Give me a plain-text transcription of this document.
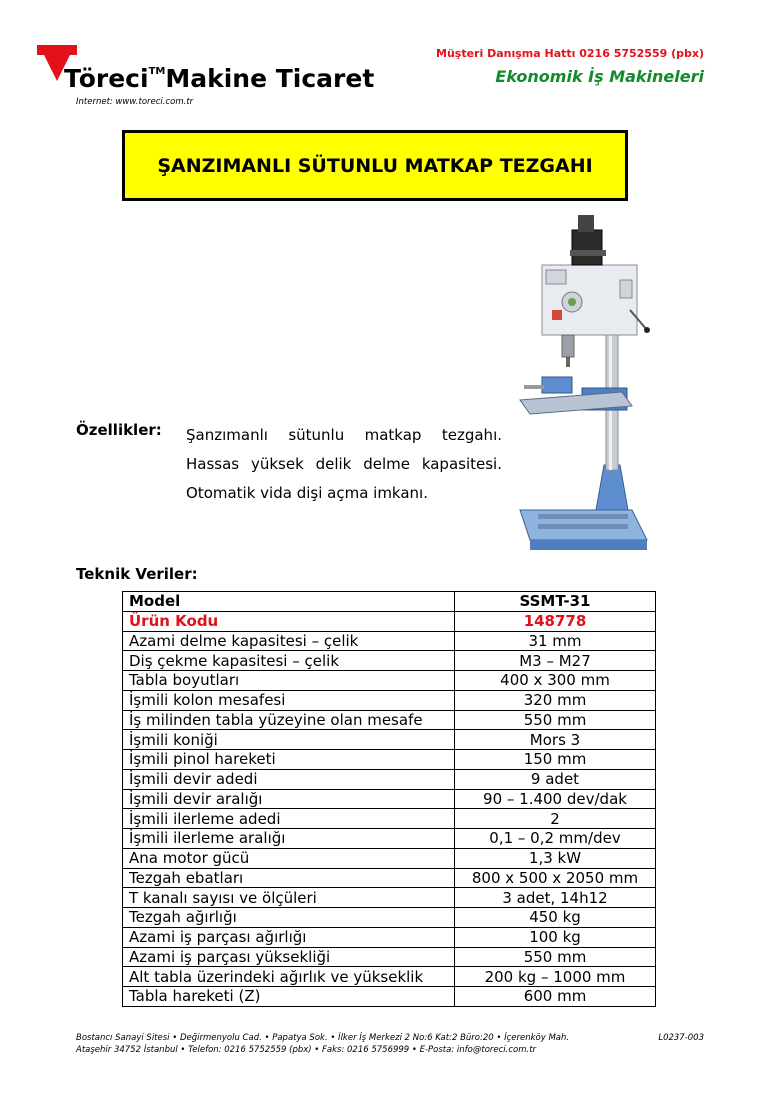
Töreci™Makine Ticaret
Internet: www.toreci.com.tr
Müşteri Danışma Hattı 0216 5752559 (pbx)
Ekonomik İş Makineleri
ŞANZIMANLI SÜTUNLU MATKAP TEZGAHI
Özellikler: Şanzımanlı sütunlu matkap tezgahı.
Hassas yüksek delik delme kapasitesi.
Otomatik vida dişi açma imkanı.
Teknik Veriler:
Model	SSMT-31
Ürün Kodu	148778
Azami delme kapasitesi – çelik	31 mm
Diş çekme kapasitesi – çelik	M3 – M27
Tabla boyutları	400 x 300 mm
İşmili kolon mesafesi	320 mm
İş milinden tabla yüzeyine olan mesafe	550 mm
İşmili koniği	Mors 3
İşmili pinol hareketi	150 mm
İşmili devir adedi	9 adet
İşmili devir aralığı	90 – 1.400 dev/dak
İşmili ilerleme adedi	2
İşmili ilerleme aralığı	0,1 – 0,2 mm/dev
Ana motor gücü	1,3 kW
Tezgah ebatları	800 x 500 x 2050 mm
T kanalı sayısı ve ölçüleri	3 adet, 14h12
Tezgah ağırlığı	450 kg
Azami iş parçası ağırlığı	100 kg
Azami iş parçası yüksekliği	550 mm
Alt tabla üzerindeki ağırlık ve yükseklik	200 kg – 1000 mm
Tabla hareketi (Z)	600 mm
Bostancı Sanayi Sitesi • Değirmenyolu Cad. • Papatya Sok. • İlker İş Merkezi 2 No:6 Kat:2 Büro:20 • İçerenköy Mah.
Ataşehir 34752 İstanbul • Telefon: 0216 5752559 (pbx) • Faks: 0216 5756999 • E-Posta: info@toreci.com.tr
L0237-003
